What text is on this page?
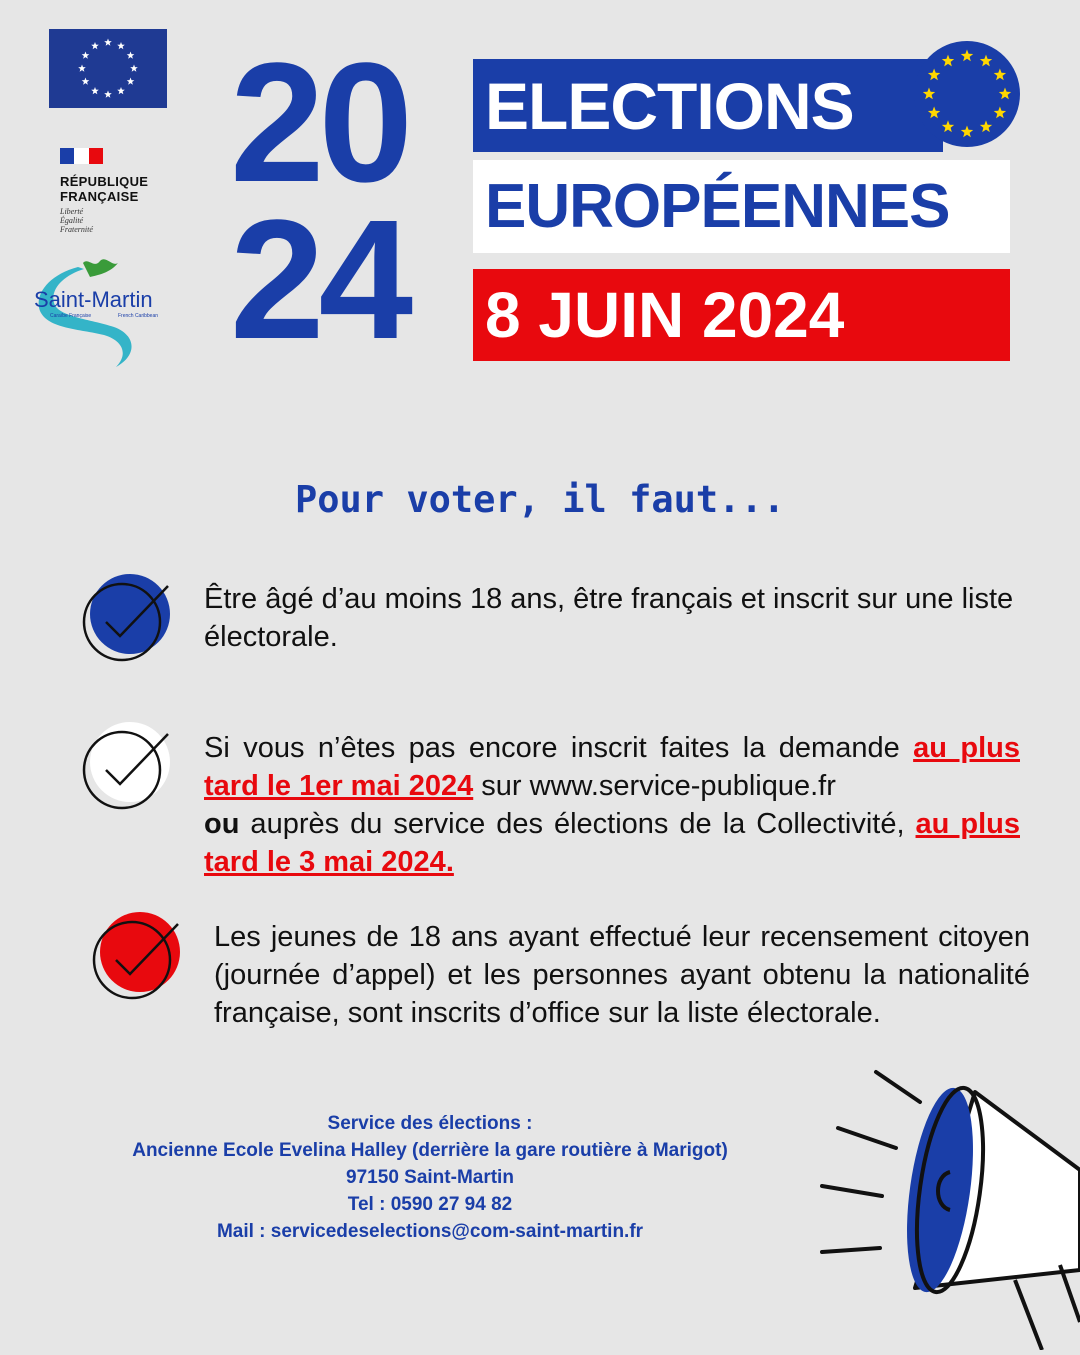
RÉPUBLIQUE
FRANÇAISE
Liberté
Égalité
Fraternité
Saint-Martin
Caraïbe Française	French Caribbean
20
24
ELECTIONS
EUROPÉENNES
8 JUIN 2024
Pour voter, il faut...
Être âgé d’au moins 18 ans, être français et inscrit sur une liste électorale.
Si vous n’êtes pas encore inscrit faites la demande au plus tard le 1er mai 2024 sur www.service-publique.fr
ou auprès du service des élections de la Collectivité, au plus tard le 3 mai 2024.
Les jeunes de 18 ans ayant effectué leur recensement citoyen (journée d’appel) et les personnes ayant obtenu la nationalité française, sont inscrits d’office sur la liste électorale.
Service des élections :
Ancienne Ecole Evelina Halley (derrière la gare routière à Marigot)
97150 Saint-Martin
Tel : 0590 27 94 82
Mail : servicedeselections@com-saint-martin.fr
